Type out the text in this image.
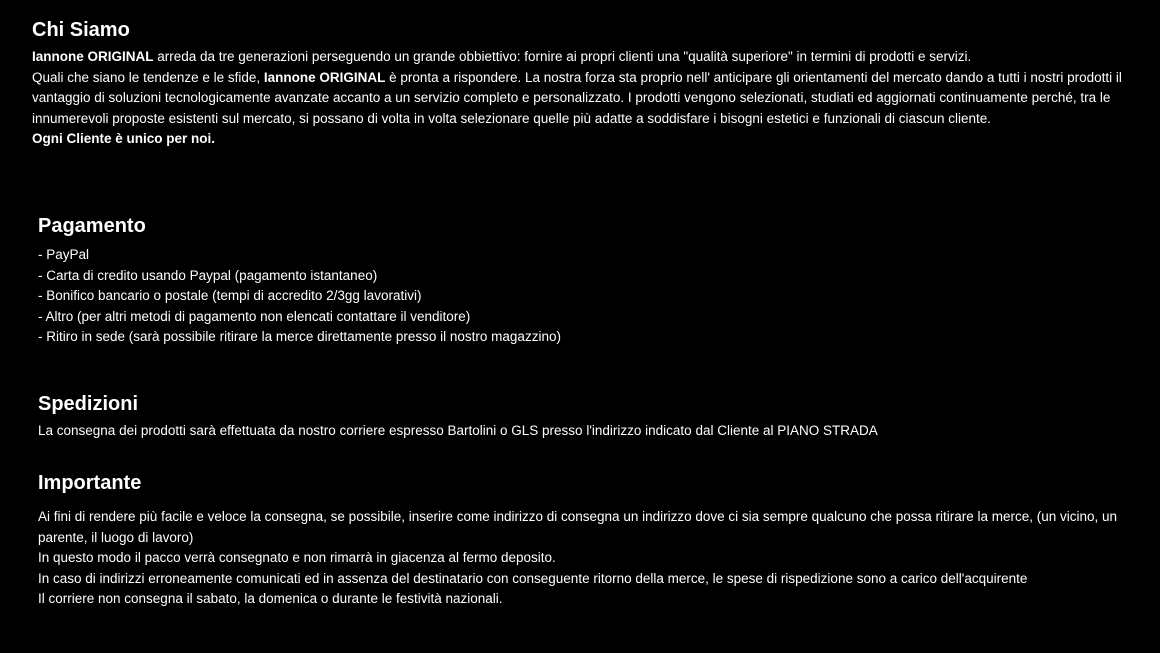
Chi Siamo

Iannone ORIGINAL arreda da tre generazioni perseguendo un grande obbiettivo: fornire ai propri clienti una "qualità superiore" in termini di prodotti e servizi.

Quali che siano le tendenze e le sfide, Iannone ORIGINAL è pronta a rispondere. La nostra forza sta proprio nell' anticipare gli orientamenti del mercato dando a tutti i nostri prodotti il vantaggio di soluzioni tecnologicamente avanzate accanto a un servizio completo e personalizzato. I prodotti vengono selezionati, studiati ed aggiornati continuamente perché, tra le innumerevoli proposte esistenti sul mercato, si possano di volta in volta selezionare quelle più adatte a soddisfare i bisogni estetici e funzionali di ciascun cliente.

Ogni Cliente è unico per noi.

Pagamento
- PayPal
- Carta di credito usando Paypal (pagamento istantaneo)
- Bonifico bancario o postale (tempi di accredito 2/3gg lavorativi)
- Altro (per altri metodi di pagamento non elencati contattare il venditore)
- Ritiro in sede (sarà possibile ritirare la merce direttamente presso il nostro magazzino)
Spedizioni

La consegna dei prodotti sarà effettuata da nostro corriere espresso Bartolini o GLS presso l'indirizzo indicato dal Cliente al PIANO STRADA

Importante

Ai fini di rendere più facile e veloce la consegna, se possibile, inserire come indirizzo di consegna un indirizzo dove ci sia sempre qualcuno che possa ritirare la merce, (un vicino, un parente, il luogo di lavoro)

In questo modo il pacco verrà consegnato e non rimarrà in giacenza al fermo deposito.

In caso di indirizzi erroneamente comunicati ed in assenza del destinatario con conseguente ritorno della merce, le spese di rispedizione sono a carico dell'acquirente

Il corriere non consegna il sabato, la domenica o durante le festività nazionali.
